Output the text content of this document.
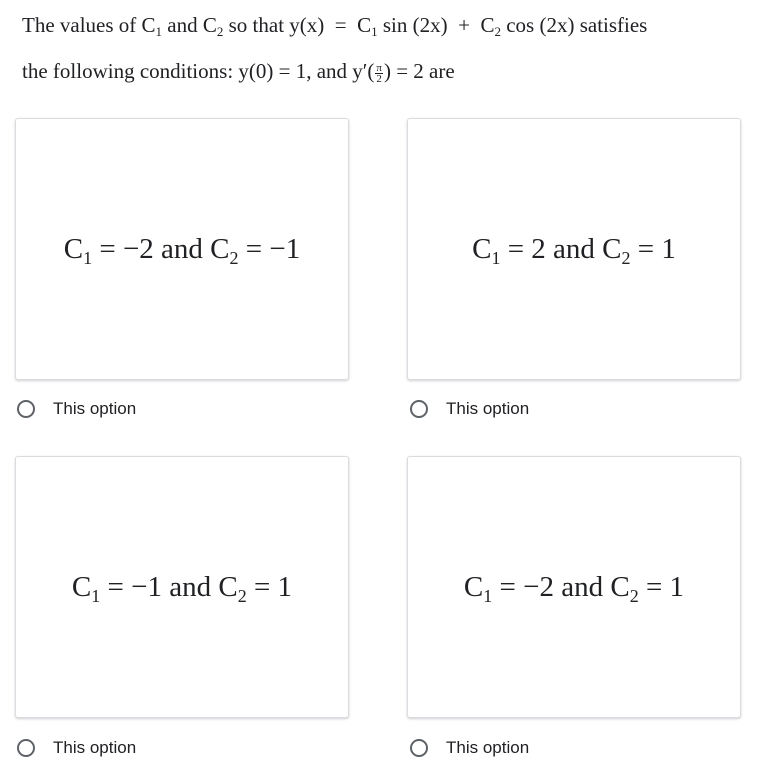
The values of $C_1$ and $C_2$ so that $y(x) = C_1$ $\sin (2x) + C_2$ cos (2x) satisfies
the following conditions: y(0) = 1, and $y'( \frac{\pi}{2}$ ) = 2 are
$C_1 = -2$ and $C_2 = -1$
This option
$C_1 = 2$ and $C_2 = 1$
This option
$C_1 = -1$ and $C_2 = 1$
This option
$C_1 = -2$ and $C_2 = 1$
This option
